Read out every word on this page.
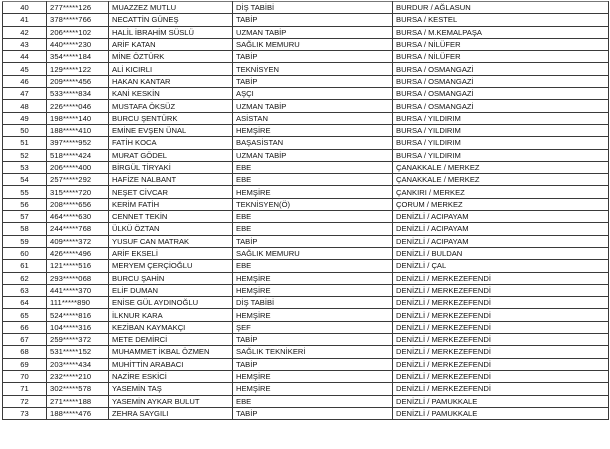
40	277*****126	MUAZZEZ MUTLU	DİŞ TABİBİ	BURDUR / AĞLASUN
41	378*****766	NECATTİN GÜNEŞ	TABİP	BURSA / KESTEL
42	206*****102	HALİL İBRAHİM SÜSLÜ	UZMAN TABİP	BURSA / M.KEMALPAŞA
43	440*****230	ARİF KATAN	SAĞLIK MEMURU	BURSA / NİLÜFER
44	354*****184	MİNE ÖZTÜRK	TABİP	BURSA / NİLÜFER
45	129*****122	ALİ KICIRLI	TEKNİSYEN	BURSA / OSMANGAZİ
46	209*****456	HAKAN KANTAR	TABİP	BURSA / OSMANGAZİ
47	533*****834	KANİ KESKİN	AŞÇI	BURSA / OSMANGAZİ
48	226*****046	MUSTAFA ÖKSÜZ	UZMAN TABİP	BURSA / OSMANGAZİ
49	198*****140	BURCU ŞENTÜRK	ASİSTAN	BURSA / YILDIRIM
50	188*****410	EMİNE EVŞEN ÜNAL	HEMŞİRE	BURSA / YILDIRIM
51	397*****952	FATİH KOCA	BAŞASİSTAN	BURSA / YILDIRIM
52	518*****424	MURAT GÖDEL	UZMAN TABİP	BURSA / YILDIRIM
53	206*****400	BİRGÜL TİRYAKİ	EBE	ÇANAKKALE / MERKEZ
54	257*****292	HAFİZE NALBANT	EBE	ÇANAKKALE / MERKEZ
55	315*****720	NEŞET CİVCAR	HEMŞİRE	ÇANKIRI / MERKEZ
56	208*****656	KERİM FATİH	TEKNİSYEN(Ö)	ÇORUM / MERKEZ
57	464*****630	CENNET TEKİN	EBE	DENİZLİ / ACIPAYAM
58	244*****768	ÜLKÜ ÖZTAN	EBE	DENİZLİ / ACIPAYAM
59	409*****372	YUSUF CAN MATRAK	TABİP	DENİZLİ / ACIPAYAM
60	426*****496	ARİF EKSELİ	SAĞLIK MEMURU	DENİZLİ / BULDAN
61	121*****516	MERYEM ÇERÇİOĞLU	EBE	DENİZLİ / ÇAL
62	293*****068	BURCU ŞAHİN	HEMŞİRE	DENİZLİ / MERKEZEFENDİ
63	441*****370	ELİF DUMAN	HEMŞİRE	DENİZLİ / MERKEZEFENDİ
64	111*****890	ENİSE GÜL AYDINOĞLU	DİŞ TABİBİ	DENİZLİ / MERKEZEFENDİ
65	524*****816	İLKNUR KARA	HEMŞİRE	DENİZLİ / MERKEZEFENDİ
66	104*****316	KEZİBAN KAYMAKÇI	ŞEF	DENİZLİ / MERKEZEFENDİ
67	259*****372	METE DEMİRCİ	TABİP	DENİZLİ / MERKEZEFENDİ
68	531*****152	MUHAMMET İKBAL ÖZMEN	SAĞLIK TEKNİKERİ	DENİZLİ / MERKEZEFENDİ
69	203*****434	MUHİTTİN ARABACI	TABİP	DENİZLİ / MERKEZEFENDİ
70	232*****210	NAZİRE ESKİCİ	HEMŞİRE	DENİZLİ / MERKEZEFENDİ
71	302*****578	YASEMİN TAŞ	HEMŞİRE	DENİZLİ / MERKEZEFENDİ
72	271*****188	YASEMİN AYKAR BULUT	EBE	DENİZLİ / PAMUKKALE
73	188*****476	ZEHRA SAYGILI	TABİP	DENİZLİ / PAMUKKALE
